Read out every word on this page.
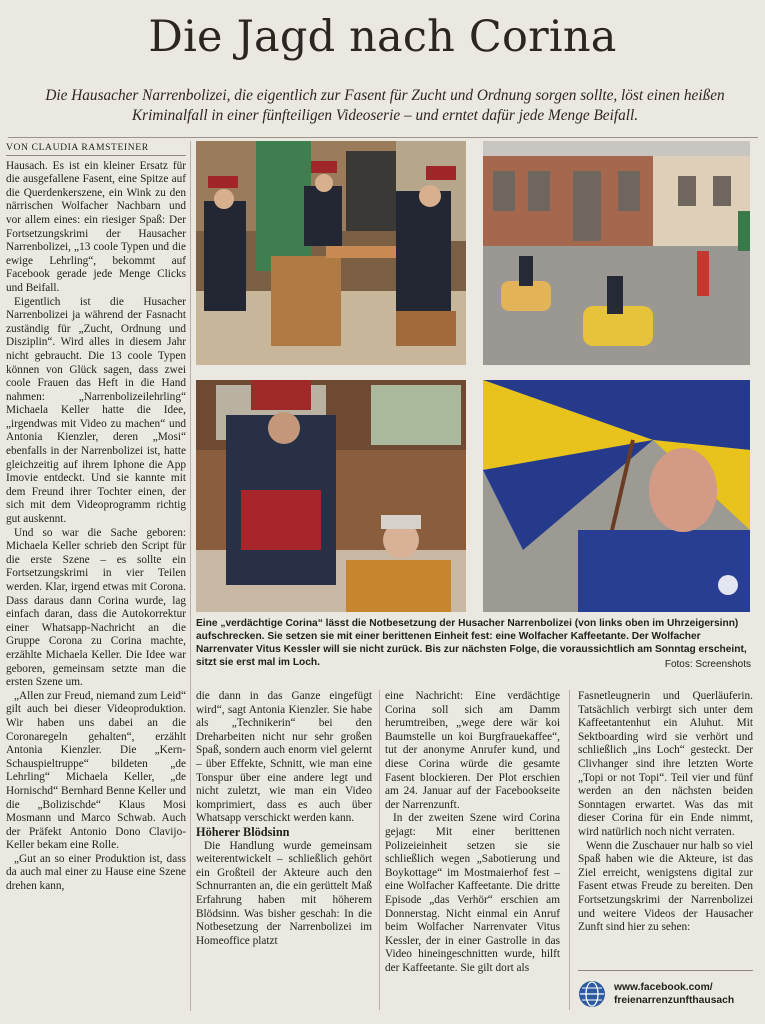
Die Jagd nach Corina

Die Hausacher Narrenbolizei, die eigentlich zur Fasent für Zucht und Ordnung sorgen sollte, löst einen heißen Kriminalfall in einer fünfteiligen Videoserie – und erntet dafür jede Menge Beifall.

VON CLAUDIA RAMSTEINER

Hausach. Es ist ein kleiner Ersatz für die ausgefallene Fasent, eine Spitze auf die Querdenkerszene, ein Wink zu den närrischen Wolfacher Nachbarn und vor allem eines: ein riesiger Spaß: Der Fortsetzungskrimi der Hausacher Narrenbolizei, „13 coole Typen und die ewige Lehrling“, bekommt auf Facebook gerade jede Menge Clicks und Beifall.

Eigentlich ist die Husacher Narrenbolizei ja während der Fasnacht zuständig für „Zucht, Ordnung und Disziplin“. Wird alles in diesem Jahr nicht gebraucht. Die 13 coole Typen können von Glück sagen, dass zwei coole Frauen das Heft in die Hand nahmen: „Narrenbolizeilehrling“ Michaela Keller hatte die Idee, „irgendwas mit Video zu machen“ und Antonia Kienzler, deren „Mosi“ ebenfalls in der Narrenbolizei ist, hatte gleichzeitig auf ihrem Iphone die App Imovie entdeckt. Und sie kannte mit dem Freund ihrer Tochter einen, der sich mit dem Videoprogramm richtig gut auskennt.

Und so war die Sache geboren: Michaela Keller schrieb den Script für die erste Szene – es sollte ein Fortsetzungskrimi in vier Teilen werden. Klar, irgend etwas mit Corona. Dass daraus dann Corina wurde, lag einfach daran, dass die Autokorrektur einer Whatsapp-Nachricht an die Gruppe Corona zu Corina machte, erzählte Michaela Keller. Die Idee war geboren, gemeinsam setzte man die ersten Szene um.

„Allen zur Freud, niemand zum Leid“ gilt auch bei dieser Videoproduktion. Wir haben uns dabei an die Coronaregeln gehalten“, erzählt Antonia Kienzler. Die „Kern-Schauspieltruppe“ bildeten „de Lehrling“ Michaela Keller, „de Hornischd“ Bernhard Benne Keller und die „Bolizischde“ Klaus Mosi Mosmann und Marco Schwab. Auch der Präfekt Antonio Dono Clavijo-Keller bekam eine Rolle.

„Gut an so einer Produktion ist, dass da auch mal einer zu Hause eine Szene drehen kann,

Eine „verdächtige Corina“ lässt die Notbesetzung der Husacher Narrenbolizei (von links oben im Uhrzeigersinn) aufschrecken. Sie setzen sie mit einer berittenen Einheit fest: eine Wolfacher Kaffeetante. Der Wolfacher Narrenvater Vitus Kessler will sie nicht zurück. Bis zur nächsten Folge, die voraussichtlich am Sonntag erscheint, sitzt sie erst mal im Loch.	Fotos: Screenshots

die dann in das Ganze eingefügt wird“, sagt Antonia Kienzler. Sie habe als „Technikerin“ bei den Dreharbeiten nicht nur sehr großen Spaß, sondern auch enorm viel gelernt – über Effekte, Schnitt, wie man eine Tonspur über eine andere legt und nicht zuletzt, wie man ein Video komprimiert, dass es auch über Whatsapp verschickt werden kann.

Höherer Blödsinn

Die Handlung wurde gemeinsam weiterentwickelt – schließlich gehört ein Großteil der Akteure auch den Schnurranten an, die ein gerüttelt Maß Erfahrung haben mit höherem Blödsinn. Was bisher geschah: In die Notbesetzung der Narrenbolizei im Homeoffice platzt

eine Nachricht: Eine verdächtige Corina soll sich am Damm herumtreiben, „wege dere wär koi Baumstelle un koi Burgfrauekaffee“, tut der anonyme Anrufer kund, und diese Corina würde die gesamte Fasent blockieren. Der Plot erschien am 24. Januar auf der Facebookseite der Narrenzunft.

In der zweiten Szene wird Corina gejagt: Mit einer berittenen Polizeieinheit setzen sie sie schließlich wegen „Sabotierung und Boykottage“ im Mostmaierhof fest – eine Wolfacher Kaffeetante. Die dritte Episode „das Verhör“ erschien am Donnerstag. Nicht einmal ein Anruf beim Wolfacher Narrenvater Vitus Kessler, der in einer Gastrolle in das Video hineingeschnitten wurde, hilft der Kaffeetante. Sie gilt dort als

Fasnetleugnerin und Querläuferin. Tatsächlich verbirgt sich unter dem Kaffeetantenhut ein Aluhut. Mit Sektboarding wird sie verhört und schließlich „ins Loch“ gesteckt. Der Clivhanger sind ihre letzten Worte „Topi or not Topi“. Teil vier und fünf werden an den nächsten beiden Sonntagen erwartet. Was das mit dieser Corina für ein Ende nimmt, wird natürlich noch nicht verraten.

Wenn die Zuschauer nur halb so viel Spaß haben wie die Akteure, ist das Ziel erreicht, wenigstens digital zur Fasent etwas Freude zu bereiten. Den Fortsetzungskrimi der Narrenbolizei und weitere Videos der Hausacher Zunft sind hier zu sehen:

www.facebook.com/
freienarrenzunfthausach
